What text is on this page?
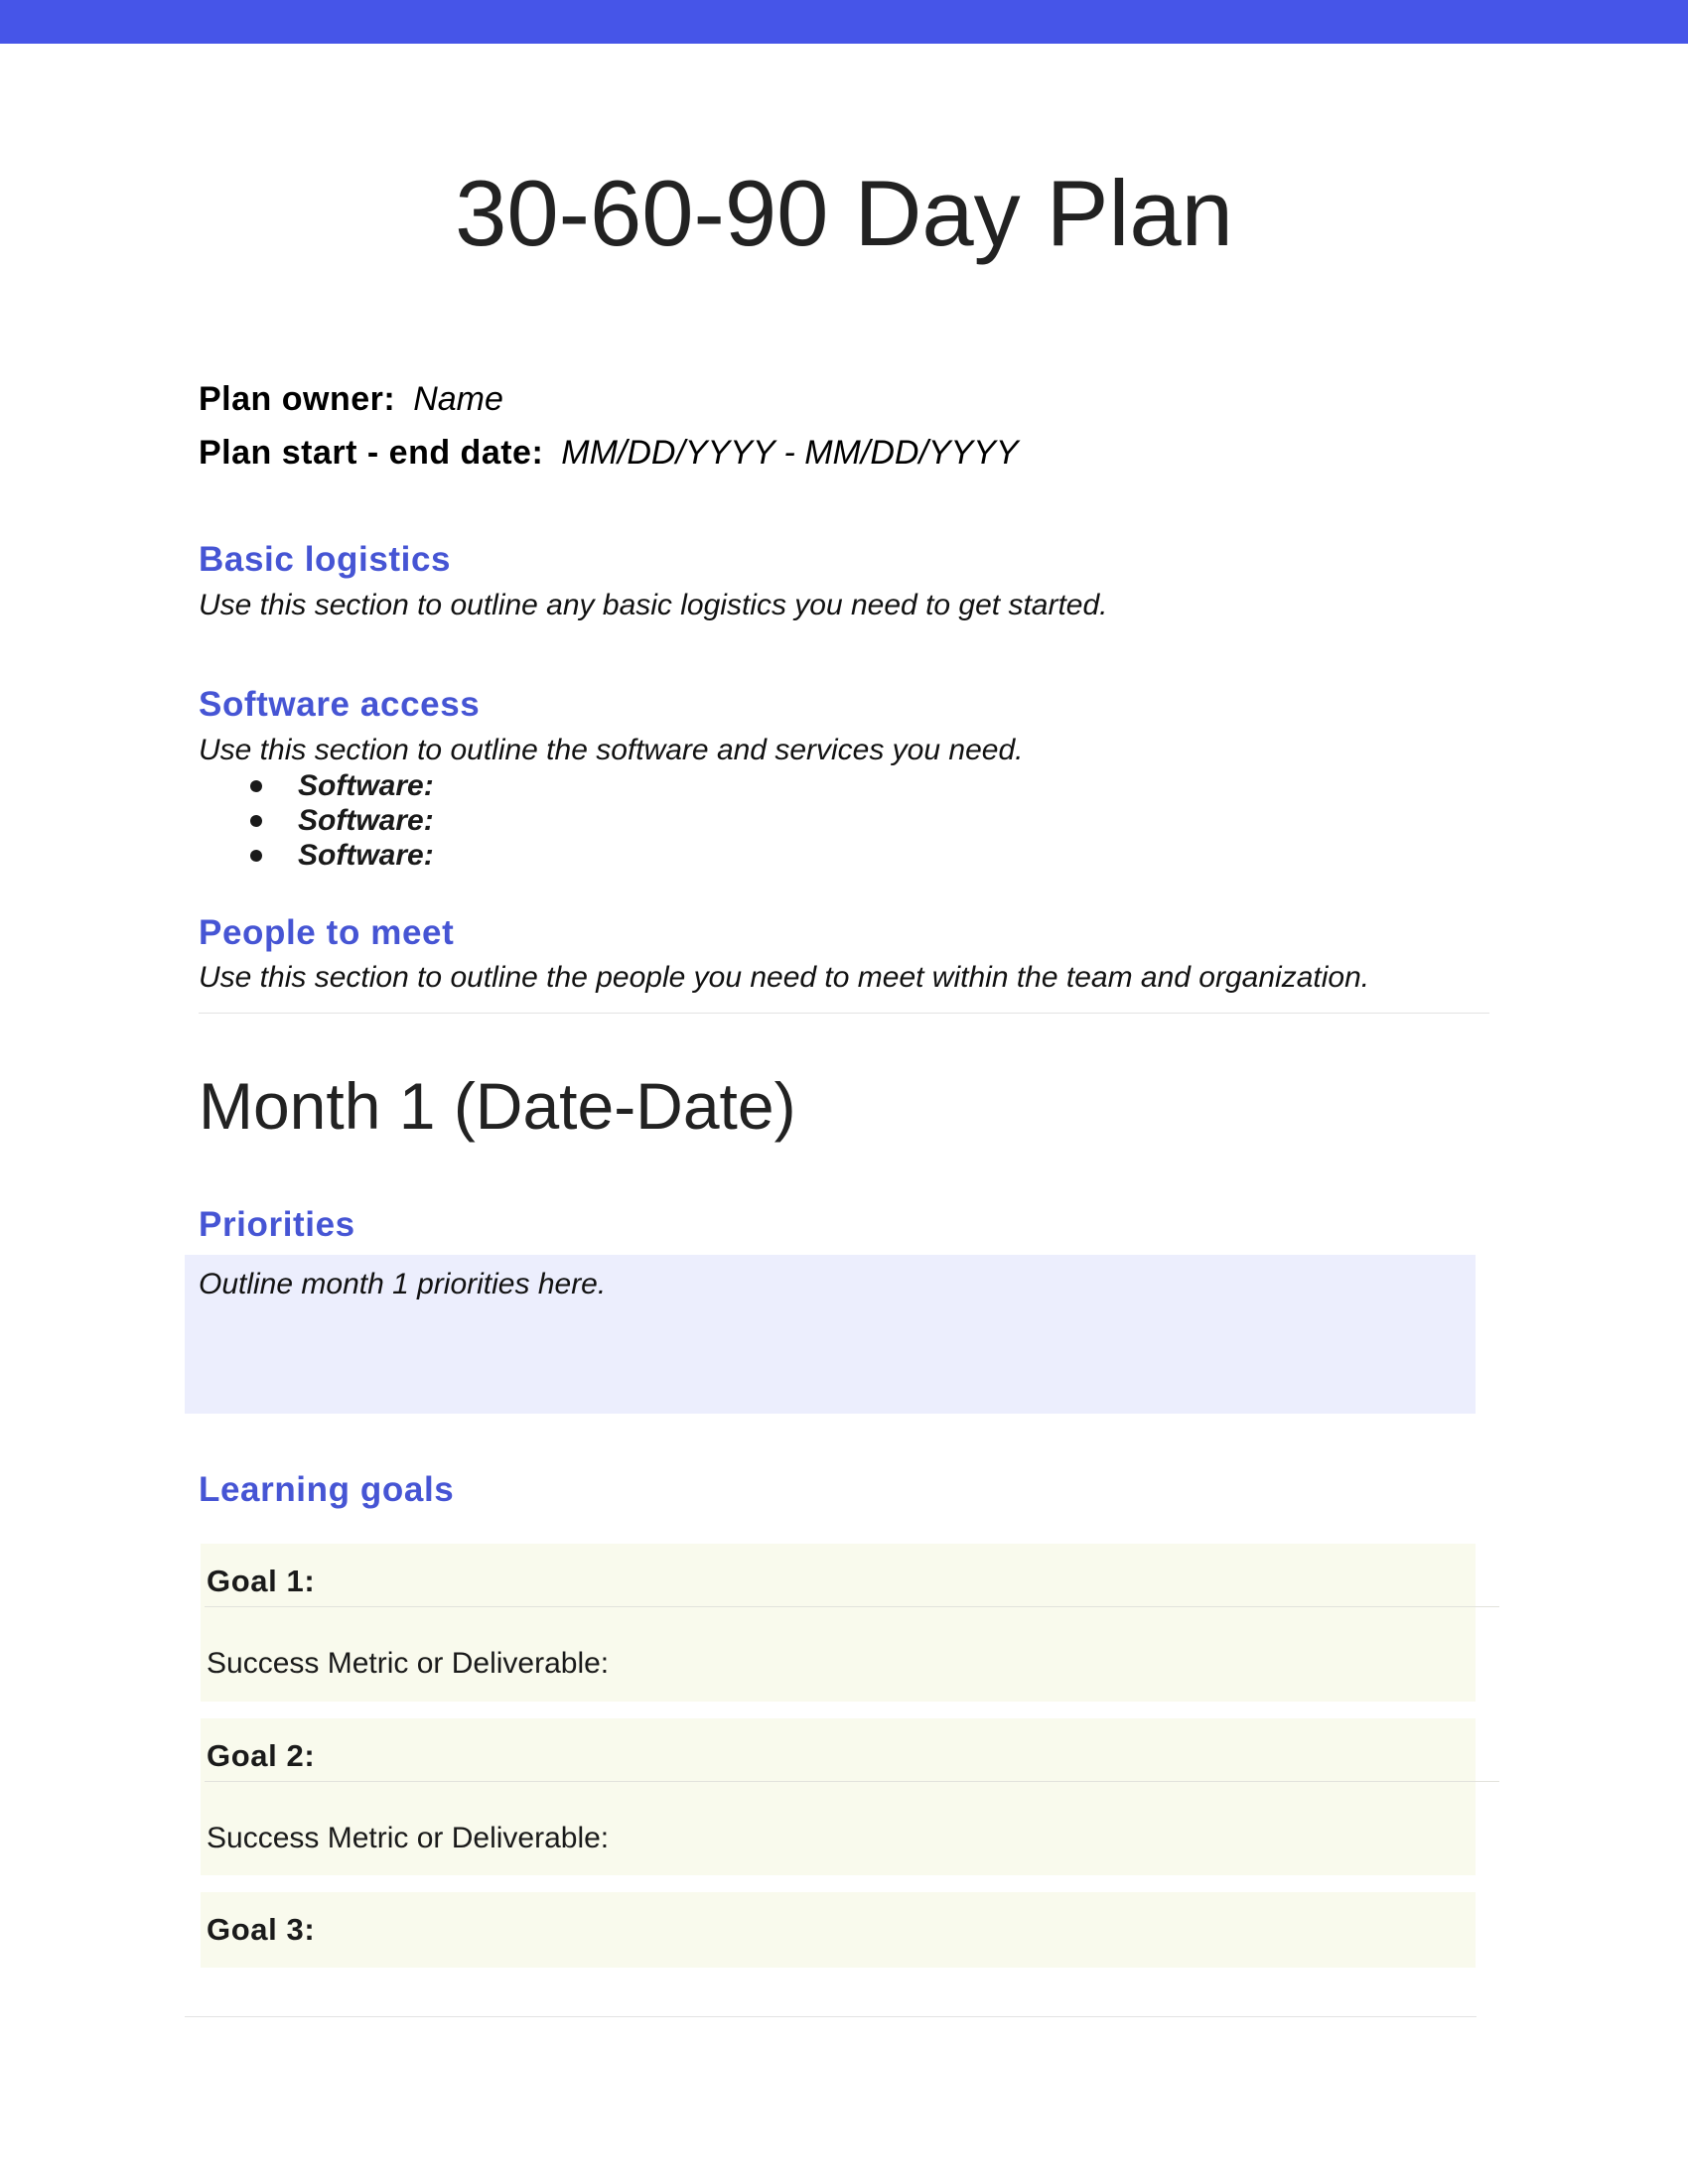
30-60-90 Day Plan
Plan owner: Name
Plan start - end date: MM/DD/YYYY - MM/DD/YYYY
Basic logistics

Use this section to outline any basic logistics you need to get started.

Software access

Use this section to outline the software and services you need.

Software:
Software:
Software:
People to meet

Use this section to outline the people you need to meet within the team and organization.

Month 1 (Date-Date)
Priorities
Outline month 1 priorities here.
Learning goals
Goal 1:
Success Metric or Deliverable:
Goal 2:
Success Metric or Deliverable:
Goal 3:
